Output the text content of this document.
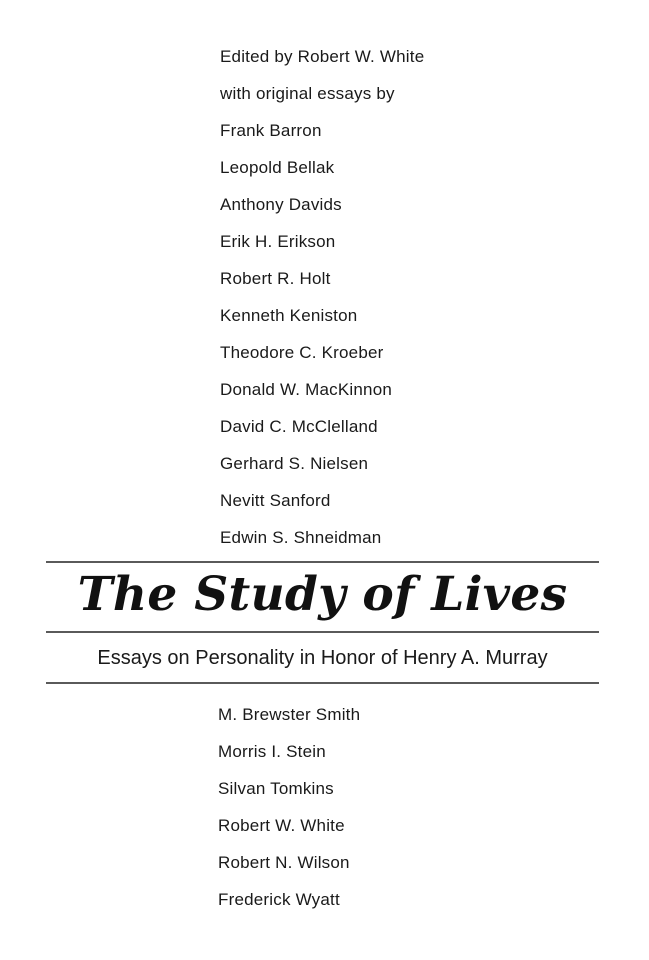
Edited by Robert W. White
with original essays by
Frank Barron
Leopold Bellak
Anthony Davids
Erik H. Erikson
Robert R. Holt
Kenneth Keniston
Theodore C. Kroeber
Donald W. MacKinnon
David C. McClelland
Gerhard S. Nielsen
Nevitt Sanford
Edwin S. Shneidman
The Study of Lives

Essays on Personality in Honor of Henry A. Murray

M. Brewster Smith
Morris I. Stein
Silvan Tomkins
Robert W. White
Robert N. Wilson
Frederick Wyatt
